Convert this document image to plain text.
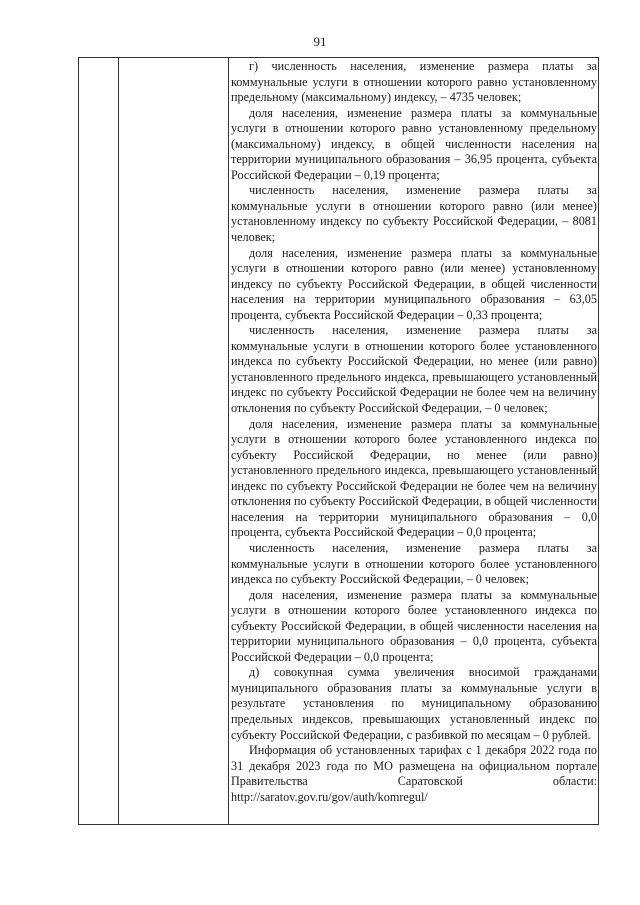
91

г) численность населения, изменение размера платы за коммунальные услуги в отношении которого равно установленному предельному (максимальному) индексу, – 4735 человек;

доля населения, изменение размера платы за коммунальные услуги в отношении которого равно установленному предельному (максимальному) индексу, в общей численности населения на территории муниципального образования – 36,95 процента, субъекта Российской Федерации – 0,19 процента;

численность населения, изменение размера платы за коммунальные услуги в отношении которого равно (или менее) установленному индексу по субъекту Российской Федерации, – 8081 человек;

доля населения, изменение размера платы за коммунальные услуги в отношении которого равно (или менее) установленному индексу по субъекту Российской Федерации, в общей численности населения на территории муниципального образования – 63,05 процента, субъекта Российской Федерации – 0,33 процента;

численность населения, изменение размера платы за коммунальные услуги в отношении которого более установленного индекса по субъекту Российской Федерации, но менее (или равно) установленного предельного индекса, превышающего установленный индекс по субъекту Российской Федерации не более чем на величину отклонения по субъекту Российской Федерации, – 0 человек;

доля населения, изменение размера платы за коммунальные услуги в отношении которого более установленного индекса по субъекту Российской Федерации, но менее (или равно) установленного предельного индекса, превышающего установленный индекс по субъекту Российской Федерации не более чем на величину отклонения по субъекту Российской Федерации, в общей численности населения на территории муниципального образования – 0,0 процента, субъекта Российской Федерации – 0,0 процента;

численность населения, изменение размера платы за коммунальные услуги в отношении которого более установленного индекса по субъекту Российской Федерации, – 0 человек;

доля населения, изменение размера платы за коммунальные услуги в отношении которого более установленного индекса по субъекту Российской Федерации, в общей численности населения на территории муниципального образования – 0,0 процента, субъекта Российской Федерации – 0,0 процента;

д) совокупная сумма увеличения вносимой гражданами муниципального образования платы за коммунальные услуги в результате установления по муниципальному образованию предельных индексов, превышающих установленный индекс по субъекту Российской Федерации, с разбивкой по месяцам – 0 рублей.

Информация об установленных тарифах с 1 декабря 2022 года по 31 декабря 2023 года по МО размещена на официальном портале Правительства Саратовской области: http://saratov.gov.ru/gov/auth/komregul/
